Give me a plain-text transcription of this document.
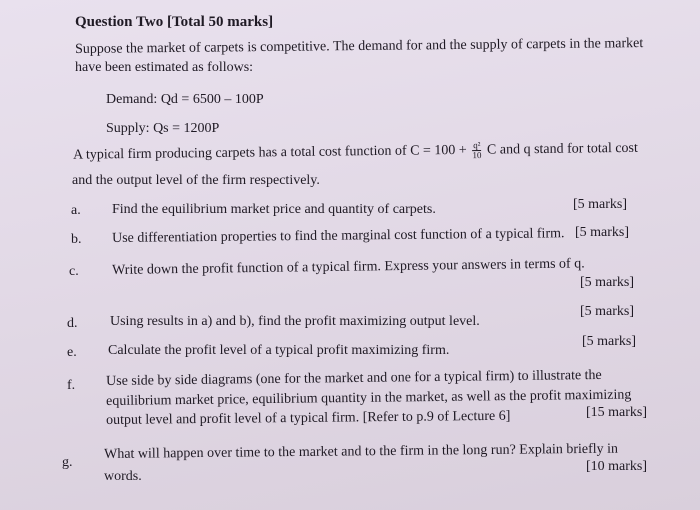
Question Two [Total 50 marks]
Suppose the market of carpets is competitive. The demand for and the supply of carpets in the market
have been estimated as follows:
Demand: Qd = 6500 – 100P
Supply: Qs = 1200P
A typical firm producing carpets has a total cost function of $C = 100 + \frac{\text{q²}}{10}$ C and q stand for total cost
and the output level of the firm respectively.
a. Find the equilibrium market price and quantity of carpets.	[5 marks]
b. Use differentiation properties to find the marginal cost function of a typical firm. [5 marks]
c. Write down the profit function of a typical firm. Express your answers in terms of q.
[5 marks]
d. Using results in a) and b), find the profit maximizing output level.
[5 marks]
e. Calculate the profit level of a typical profit maximizing firm.
[5 marks]
f. Use side by side diagrams (one for the market and one for a typical firm) to illustrate the
equilibrium market price, equilibrium quantity in the market, as well as the profit maximizing
output level and profit level of a typical firm. [Refer to p.9 of Lecture 6]	[15 marks]
g.
What will happen over time to the market and to the firm in the long run? Explain briefly in
words.
[10 marks]
